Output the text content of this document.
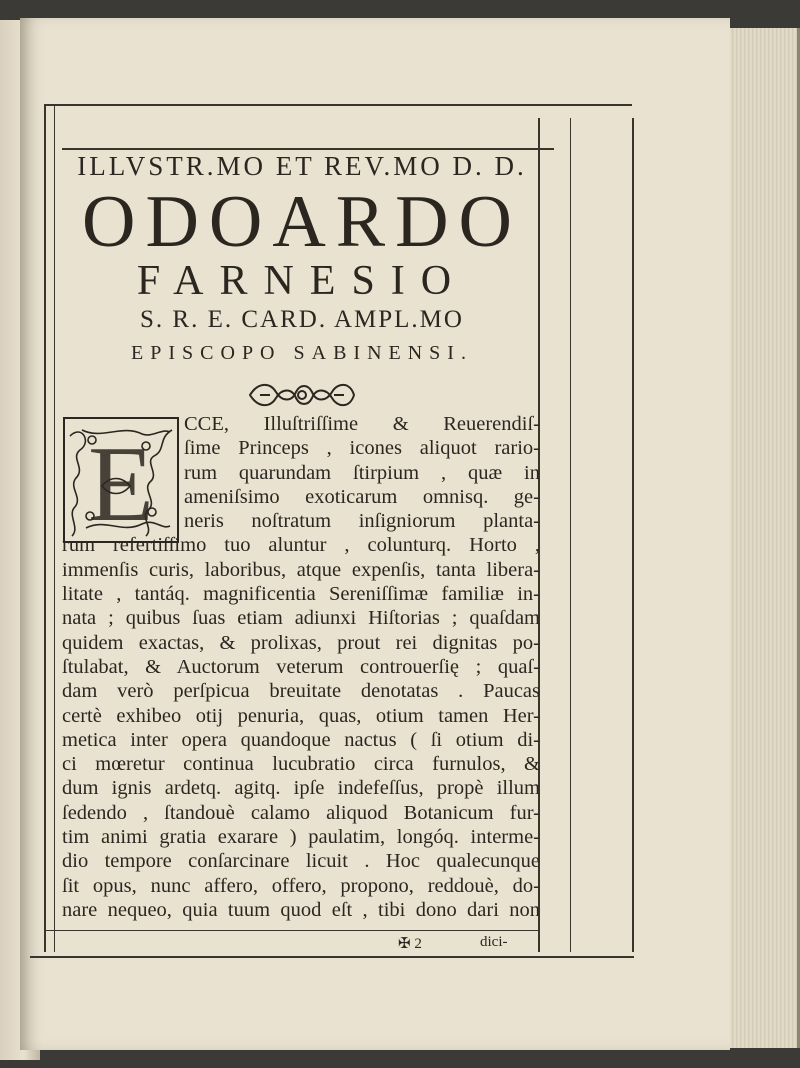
ILLVSTR.MO ET REV.MO D. D.

ODOARDO

FARNESIO

S. R. E. CARD. AMPL.MO

EPISCOPO SABINENSI.

E
CCE, Illuſtriſſime & Reuerendiſ-
ſime Princeps , icones aliquot rario-
rum quarundam ſtirpium , quæ in
ameniſsimo exoticarum omnisq. ge-
neris noſtratum inſigniorum planta-
rum refertiſſimo tuo aluntur , colunturq. Horto ,
immenſis curis, laboribus, atque expenſis, tanta libera-
litate , tantáq. magnificentia Sereniſſimæ familiæ in-
nata ; quibus ſuas etiam adiunxi Hiſtorias ; quaſdam
quidem exactas, & prolixas, prout rei dignitas po-
ſtulabat, & Auctorum veterum controuerſię ; quaſ-
dam verò perſpicua breuitate denotatas . Paucas
certè exhibeo otij penuria, quas, otium tamen Her-
metica inter opera quandoque nactus ( ſi otium di-
ci mœretur continua lucubratio circa furnulos, &
dum ignis ardetq. agitq. ipſe indefeſſus, propè illum
ſedendo , ſtandouè calamo aliquod Botanicum fur-
tim animi gratia exarare ) paulatim, longóq. interme-
dio tempore conſarcinare licuit . Hoc qualecunque
ſit opus, nunc affero, offero, propono, reddouè, do-
nare nequeo, quia tuum quod eſt , tibi dono dari non
✠ 2	dici-
